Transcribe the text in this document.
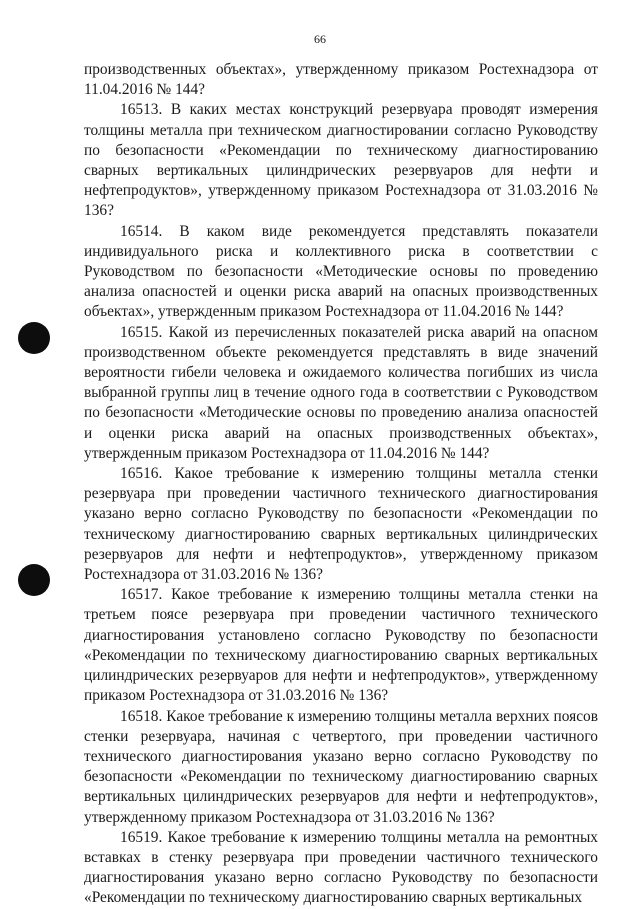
66

производственных объектах», утвержденному приказом Ростехнадзора от 11.04.2016 № 144?

16513. В каких местах конструкций резервуара проводят измерения толщины металла при техническом диагностировании согласно Руководству по безопасности «Рекомендации по техническому диагностированию сварных вертикальных цилиндрических резервуаров для нефти и нефтепродуктов», утвержденному приказом Ростехнадзора от 31.03.2016 № 136?

16514. В каком виде рекомендуется представлять показатели индивидуального риска и коллективного риска в соответствии с Руководством по безопасности «Методические основы по проведению анализа опасностей и оценки риска аварий на опасных производственных объектах», утвержденным приказом Ростехнадзора от 11.04.2016 № 144?

16515. Какой из перечисленных показателей риска аварий на опасном производственном объекте рекомендуется представлять в виде значений вероятности гибели человека и ожидаемого количества погибших из числа выбранной группы лиц в течение одного года в соответствии с Руководством по безопасности «Методические основы по проведению анализа опасностей и оценки риска аварий на опасных производственных объектах», утвержденным приказом Ростехнадзора от 11.04.2016 № 144?

16516. Какое требование к измерению толщины металла стенки резервуара при проведении частичного технического диагностирования указано верно согласно Руководству по безопасности «Рекомендации по техническому диагностированию сварных вертикальных цилиндрических резервуаров для нефти и нефтепродуктов», утвержденному приказом Ростехнадзора от 31.03.2016 № 136?

16517. Какое требование к измерению толщины металла стенки на третьем поясе резервуара при проведении частичного технического диагностирования установлено согласно Руководству по безопасности «Рекомендации по техническому диагностированию сварных вертикальных цилиндрических резервуаров для нефти и нефтепродуктов», утвержденному приказом Ростехнадзора от 31.03.2016 № 136?

16518. Какое требование к измерению толщины металла верхних поясов стенки резервуара, начиная с четвертого, при проведении частичного технического диагностирования указано верно согласно Руководству по безопасности «Рекомендации по техническому диагностированию сварных вертикальных цилиндрических резервуаров для нефти и нефтепродуктов», утвержденному приказом Ростехнадзора от 31.03.2016 № 136?

16519. Какое требование к измерению толщины металла на ремонтных вставках в стенку резервуара при проведении частичного технического диагностирования указано верно согласно Руководству по безопасности «Рекомендации по техническому диагностированию сварных вертикальных
